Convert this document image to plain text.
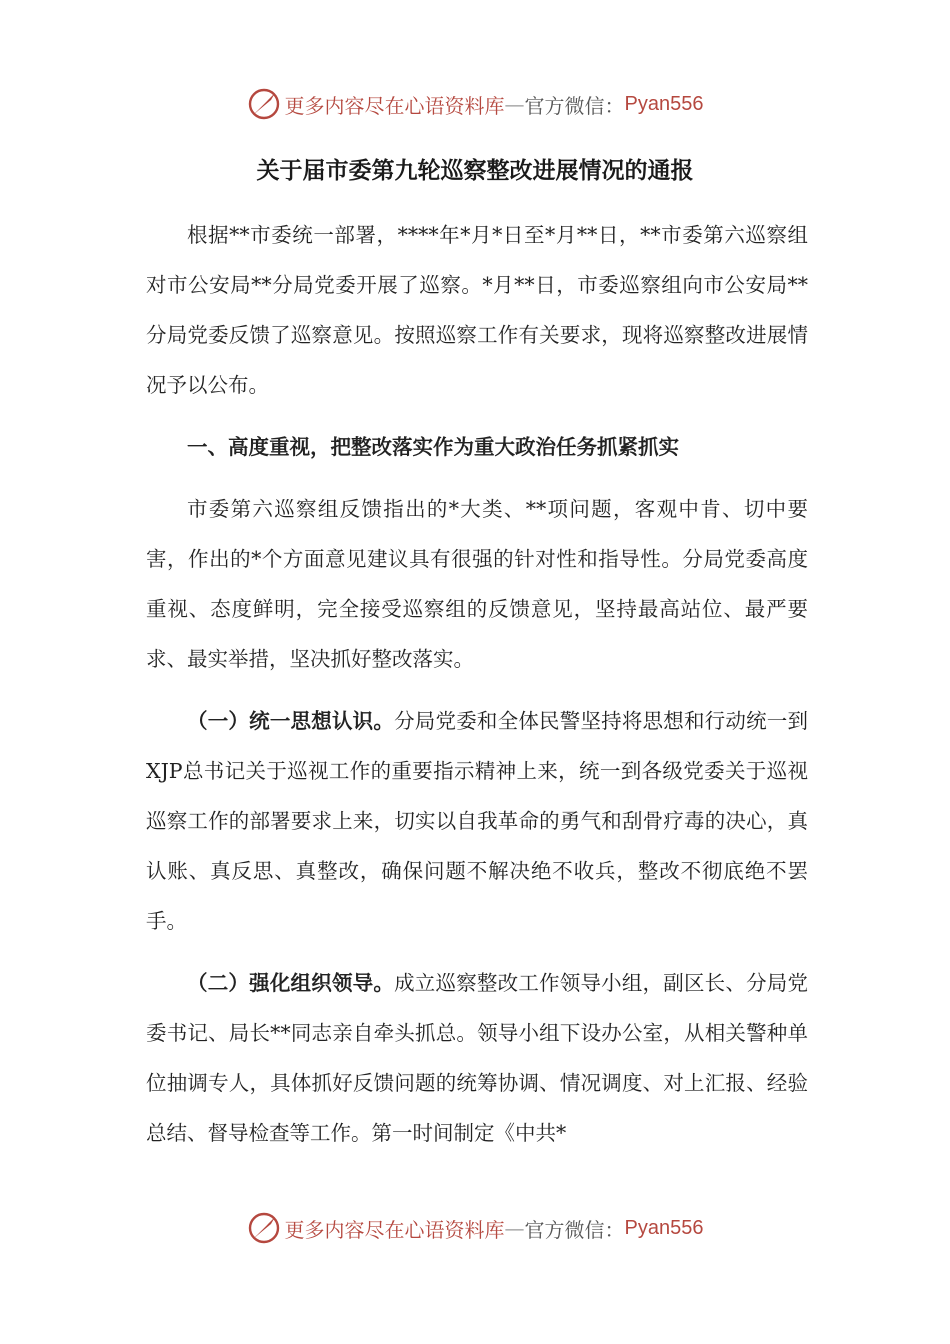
更多内容尽在心语资料库 — 官方微信： Pyan556
关于届市委第九轮巡察整改进展情况的通报

根据**市委统一部署，****年*月*日至*月**日，**市委第六巡察组对市公安局**分局党委开展了巡察。*月**日，市委巡察组向市公安局**分局党委反馈了巡察意见。按照巡察工作有关要求，现将巡察整改进展情况予以公布。

一、高度重视，把整改落实作为重大政治任务抓紧抓实

市委第六巡察组反馈指出的*大类、**项问题，客观中肯、切中要害，作出的*个方面意见建议具有很强的针对性和指导性。分局党委高度重视、态度鲜明，完全接受巡察组的反馈意见，坚持最高站位、最严要求、最实举措，坚决抓好整改落实。

（一）统一思想认识。分局党委和全体民警坚持将思想和行动统一到XJP总书记关于巡视工作的重要指示精神上来，统一到各级党委关于巡视巡察工作的部署要求上来，切实以自我革命的勇气和刮骨疗毒的决心，真认账、真反思、真整改，确保问题不解决绝不收兵，整改不彻底绝不罢手。

（二）强化组织领导。成立巡察整改工作领导小组，副区长、分局党委书记、局长**同志亲自牵头抓总。领导小组下设办公室，从相关警种单位抽调专人，具体抓好反馈问题的统筹协调、情况调度、对上汇报、经验总结、督导检查等工作。第一时间制定《中共*

更多内容尽在心语资料库 — 官方微信： Pyan556
